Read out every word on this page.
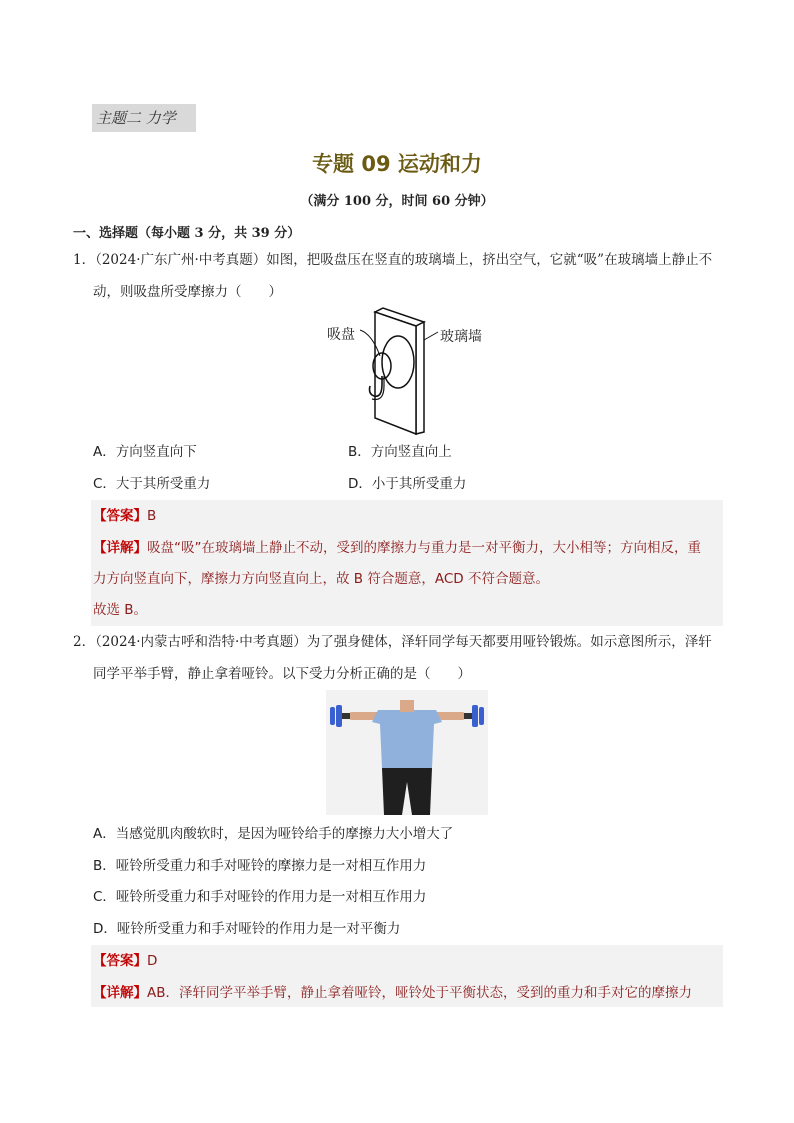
主题二 力学
专题 09 运动和力
（满分 100 分，时间 60 分钟）
一、选择题（每小题 3 分，共 39 分）
1．（2024·广东广州·中考真题）如图，把吸盘压在竖直的玻璃墙上，挤出空气，它就“吸”在玻璃墙上静止不
动，则吸盘所受摩擦力（　　）
吸盘	玻璃墙
A．方向竖直向下	B．方向竖直向上
C．大于其所受重力	D．小于其所受重力
【答案】B
【详解】吸盘“吸”在玻璃墙上静止不动，受到的摩擦力与重力是一对平衡力，大小相等；方向相反，重
力方向竖直向下，摩擦力方向竖直向上，故 B 符合题意，ACD 不符合题意。
故选 B。
2．（2024·内蒙古呼和浩特·中考真题）为了强身健体，泽轩同学每天都要用哑铃锻炼。如示意图所示，泽轩
同学平举手臂，静止拿着哑铃。以下受力分析正确的是（　　）
A．当感觉肌肉酸软时，是因为哑铃给手的摩擦力大小增大了
B．哑铃所受重力和手对哑铃的摩擦力是一对相互作用力
C．哑铃所受重力和手对哑铃的作用力是一对相互作用力
D．哑铃所受重力和手对哑铃的作用力是一对平衡力
【答案】D
【详解】AB．泽轩同学平举手臂，静止拿着哑铃，哑铃处于平衡状态，受到的重力和手对它的摩擦力
